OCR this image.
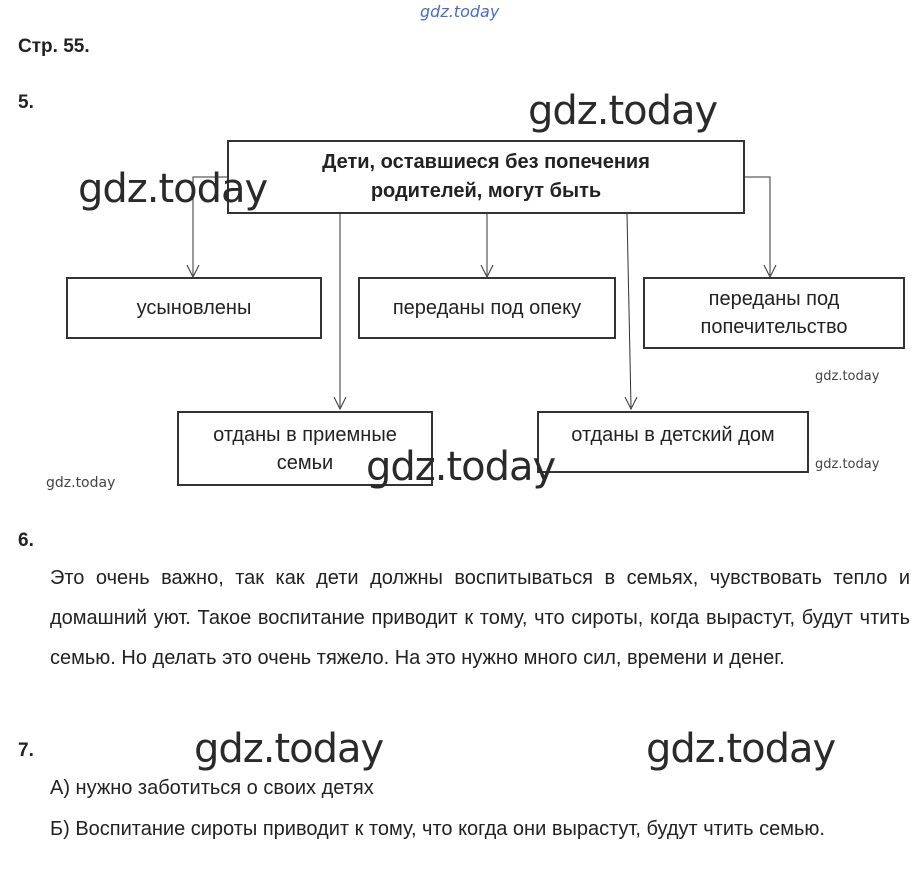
gdz.today
Стр. 55.
5.
Дети, оставшиеся без попечения родителей, могут быть
усыновлены	переданы под опеку	переданы под попечительство
отданы в приемные семьи
отданы в детский дом
gdz.today
gdz.today
gdz.today
gdz.today
gdz.today
gdz.today
6.
Это очень важно, так как дети должны воспитываться в семьях, чувствовать тепло и домашний уют. Такое воспитание приводит к тому, что сироты, когда вырастут, будут чтить семью. Но делать это очень тяжело. На это нужно много сил, времени и денег.
7.	gdz.today	gdz.today
А) нужно заботиться о своих детях
Б) Воспитание сироты приводит к тому, что когда они вырастут, будут чтить семью.
